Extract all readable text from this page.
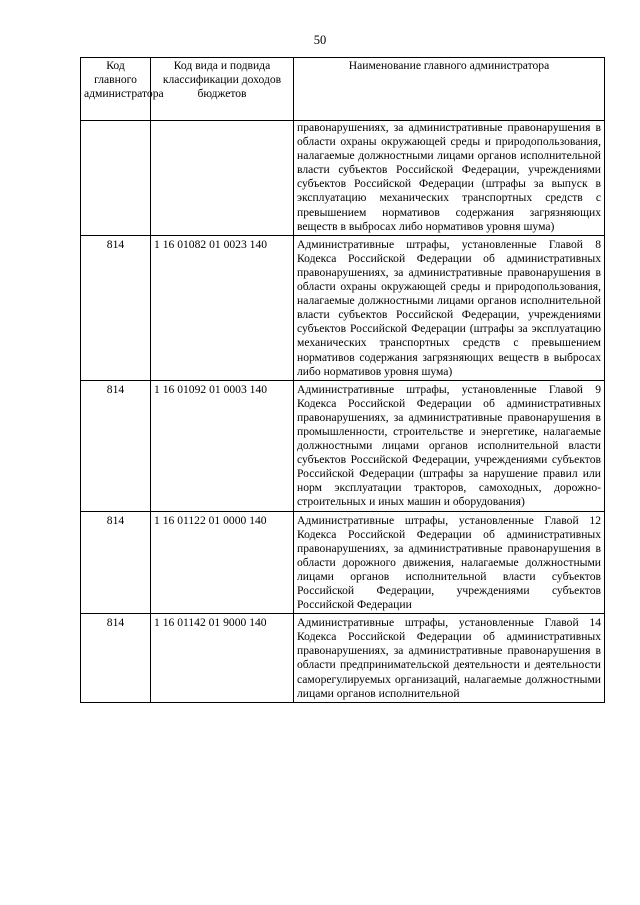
50
Код главного администратора	Код вида и подвида классификации доходов бюджетов	Наименование главного администратора
		правонарушениях, за административные правонарушения в области охраны окружающей среды и природопользования, налагаемые должностными лицами органов исполнительной власти субъектов Российской Федерации, учреждениями субъектов Российской Федерации (штрафы за выпуск в эксплуатацию механических транспортных средств с превышением нормативов содержания загрязняющих веществ в выбросах либо нормативов уровня шума)
814	1 16 01082 01 0023 140	Административные штрафы, установленные Главой 8 Кодекса Российской Федерации об административных правонарушениях, за административные правонарушения в области охраны окружающей среды и природопользования, налагаемые должностными лицами органов исполнительной власти субъектов Российской Федерации, учреждениями субъектов Российской Федерации (штрафы за эксплуатацию механических транспортных средств с превышением нормативов содержания загрязняющих веществ в выбросах либо нормативов уровня шума)
814	1 16 01092 01 0003 140	Административные штрафы, установленные Главой 9 Кодекса Российской Федерации об административных правонарушениях, за административные правонарушения в промышленности, строительстве и энергетике, налагаемые должностными лицами органов исполнительной власти субъектов Российской Федерации, учреждениями субъектов Российской Федерации (штрафы за нарушение правил или норм эксплуатации тракторов, самоходных, дорожно-строительных и иных машин и оборудования)
814	1 16 01122 01 0000 140	Административные штрафы, установленные Главой 12 Кодекса Российской Федерации об административных правонарушениях, за административные правонарушения в области дорожного движения, налагаемые должностными лицами органов исполнительной власти субъектов Российской Федерации, учреждениями субъектов Российской Федерации
814	1 16 01142 01 9000 140	Административные штрафы, установленные Главой 14 Кодекса Российской Федерации об административных правонарушениях, за административные правонарушения в области предпринимательской деятельности и деятельности саморегулируемых организаций, налагаемые должностными лицами органов исполнительной
